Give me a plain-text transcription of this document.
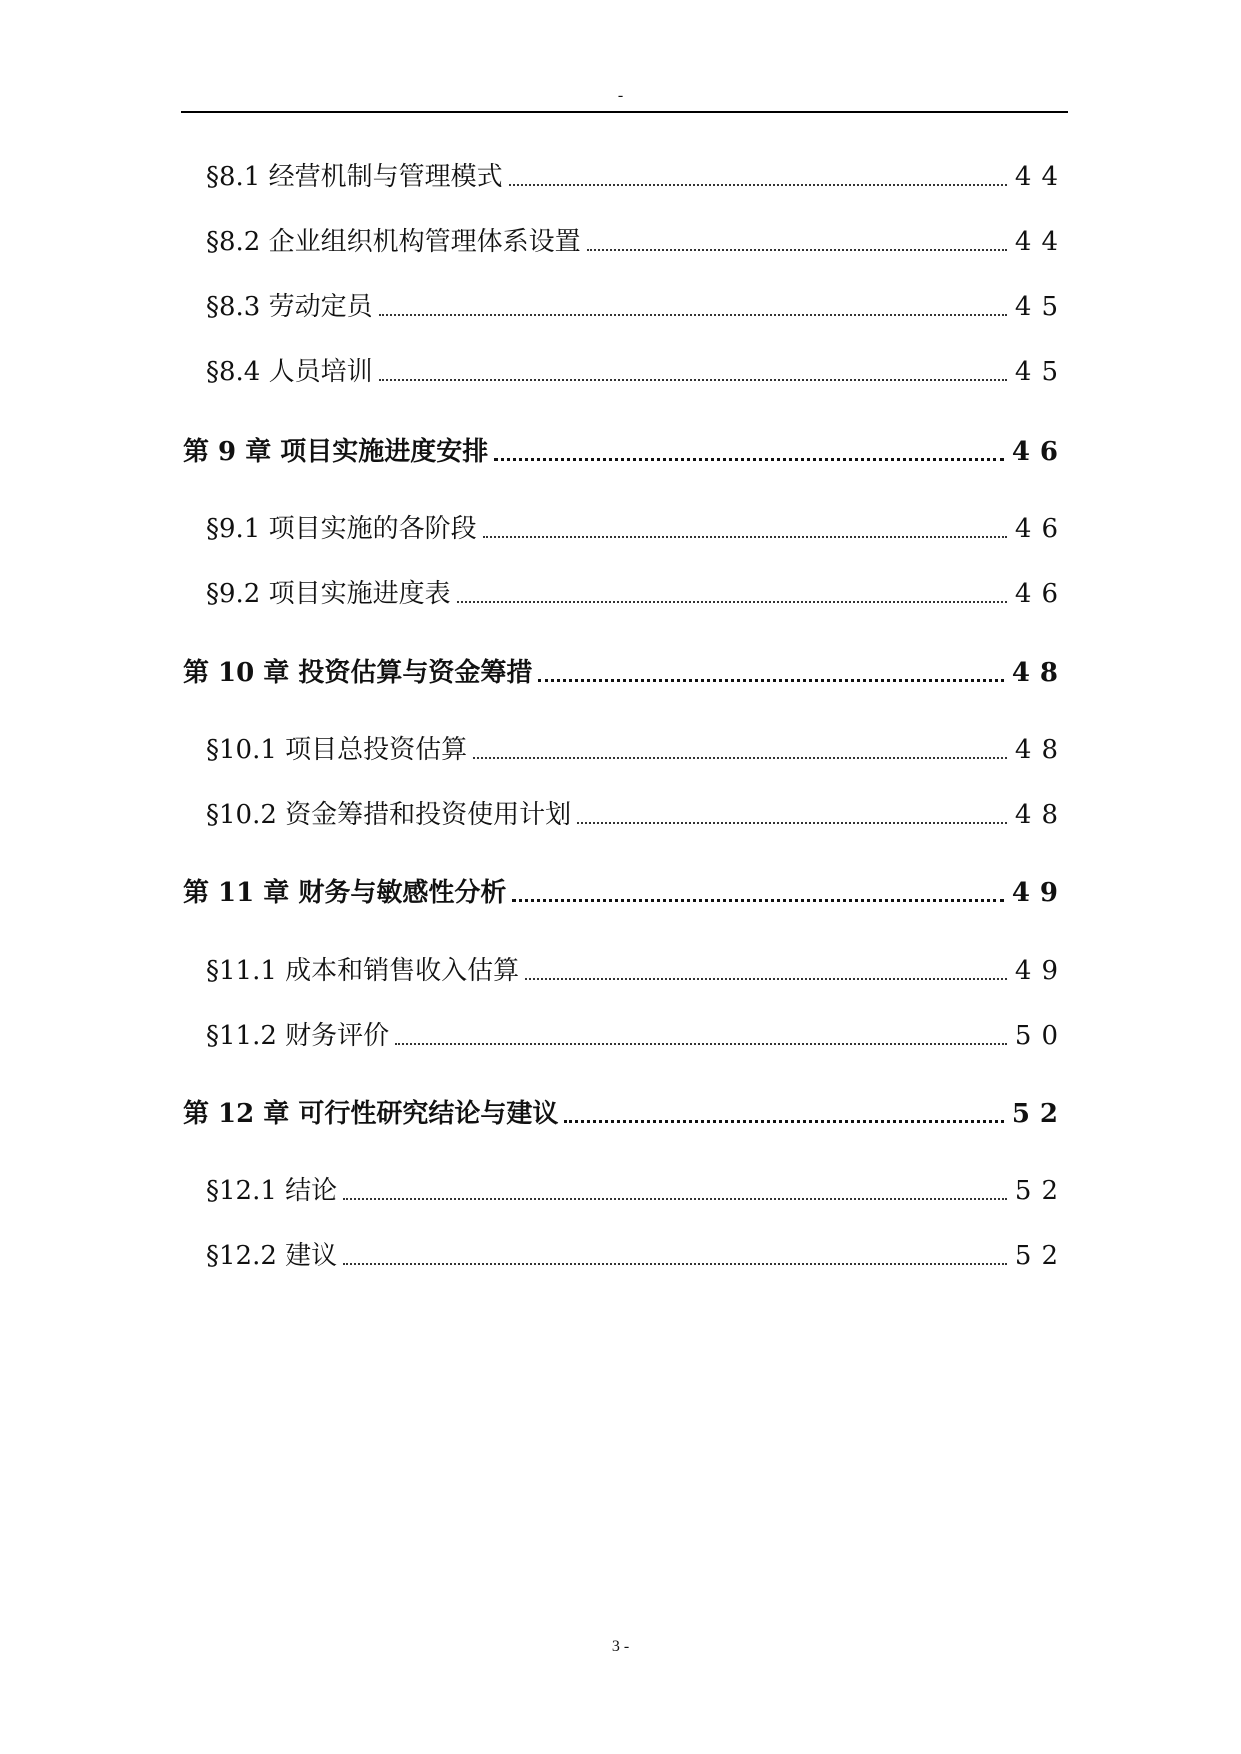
-
§8.1 经营机制与管理模式	44
§8.2 企业组织机构管理体系设置	44
§8.3 劳动定员	45
§8.4 人员培训	45
第 9 章 项目实施进度安排	46
§9.1 项目实施的各阶段	46
§9.2 项目实施进度表	46
第 10 章 投资估算与资金筹措	48
§10.1 项目总投资估算	48
§10.2 资金筹措和投资使用计划	48
第 11 章 财务与敏感性分析	49
§11.1 成本和销售收入估算	49
§11.2 财务评价	50
第 12 章 可行性研究结论与建议	52
§12.1 结论	52
§12.2 建议	52
3 -
